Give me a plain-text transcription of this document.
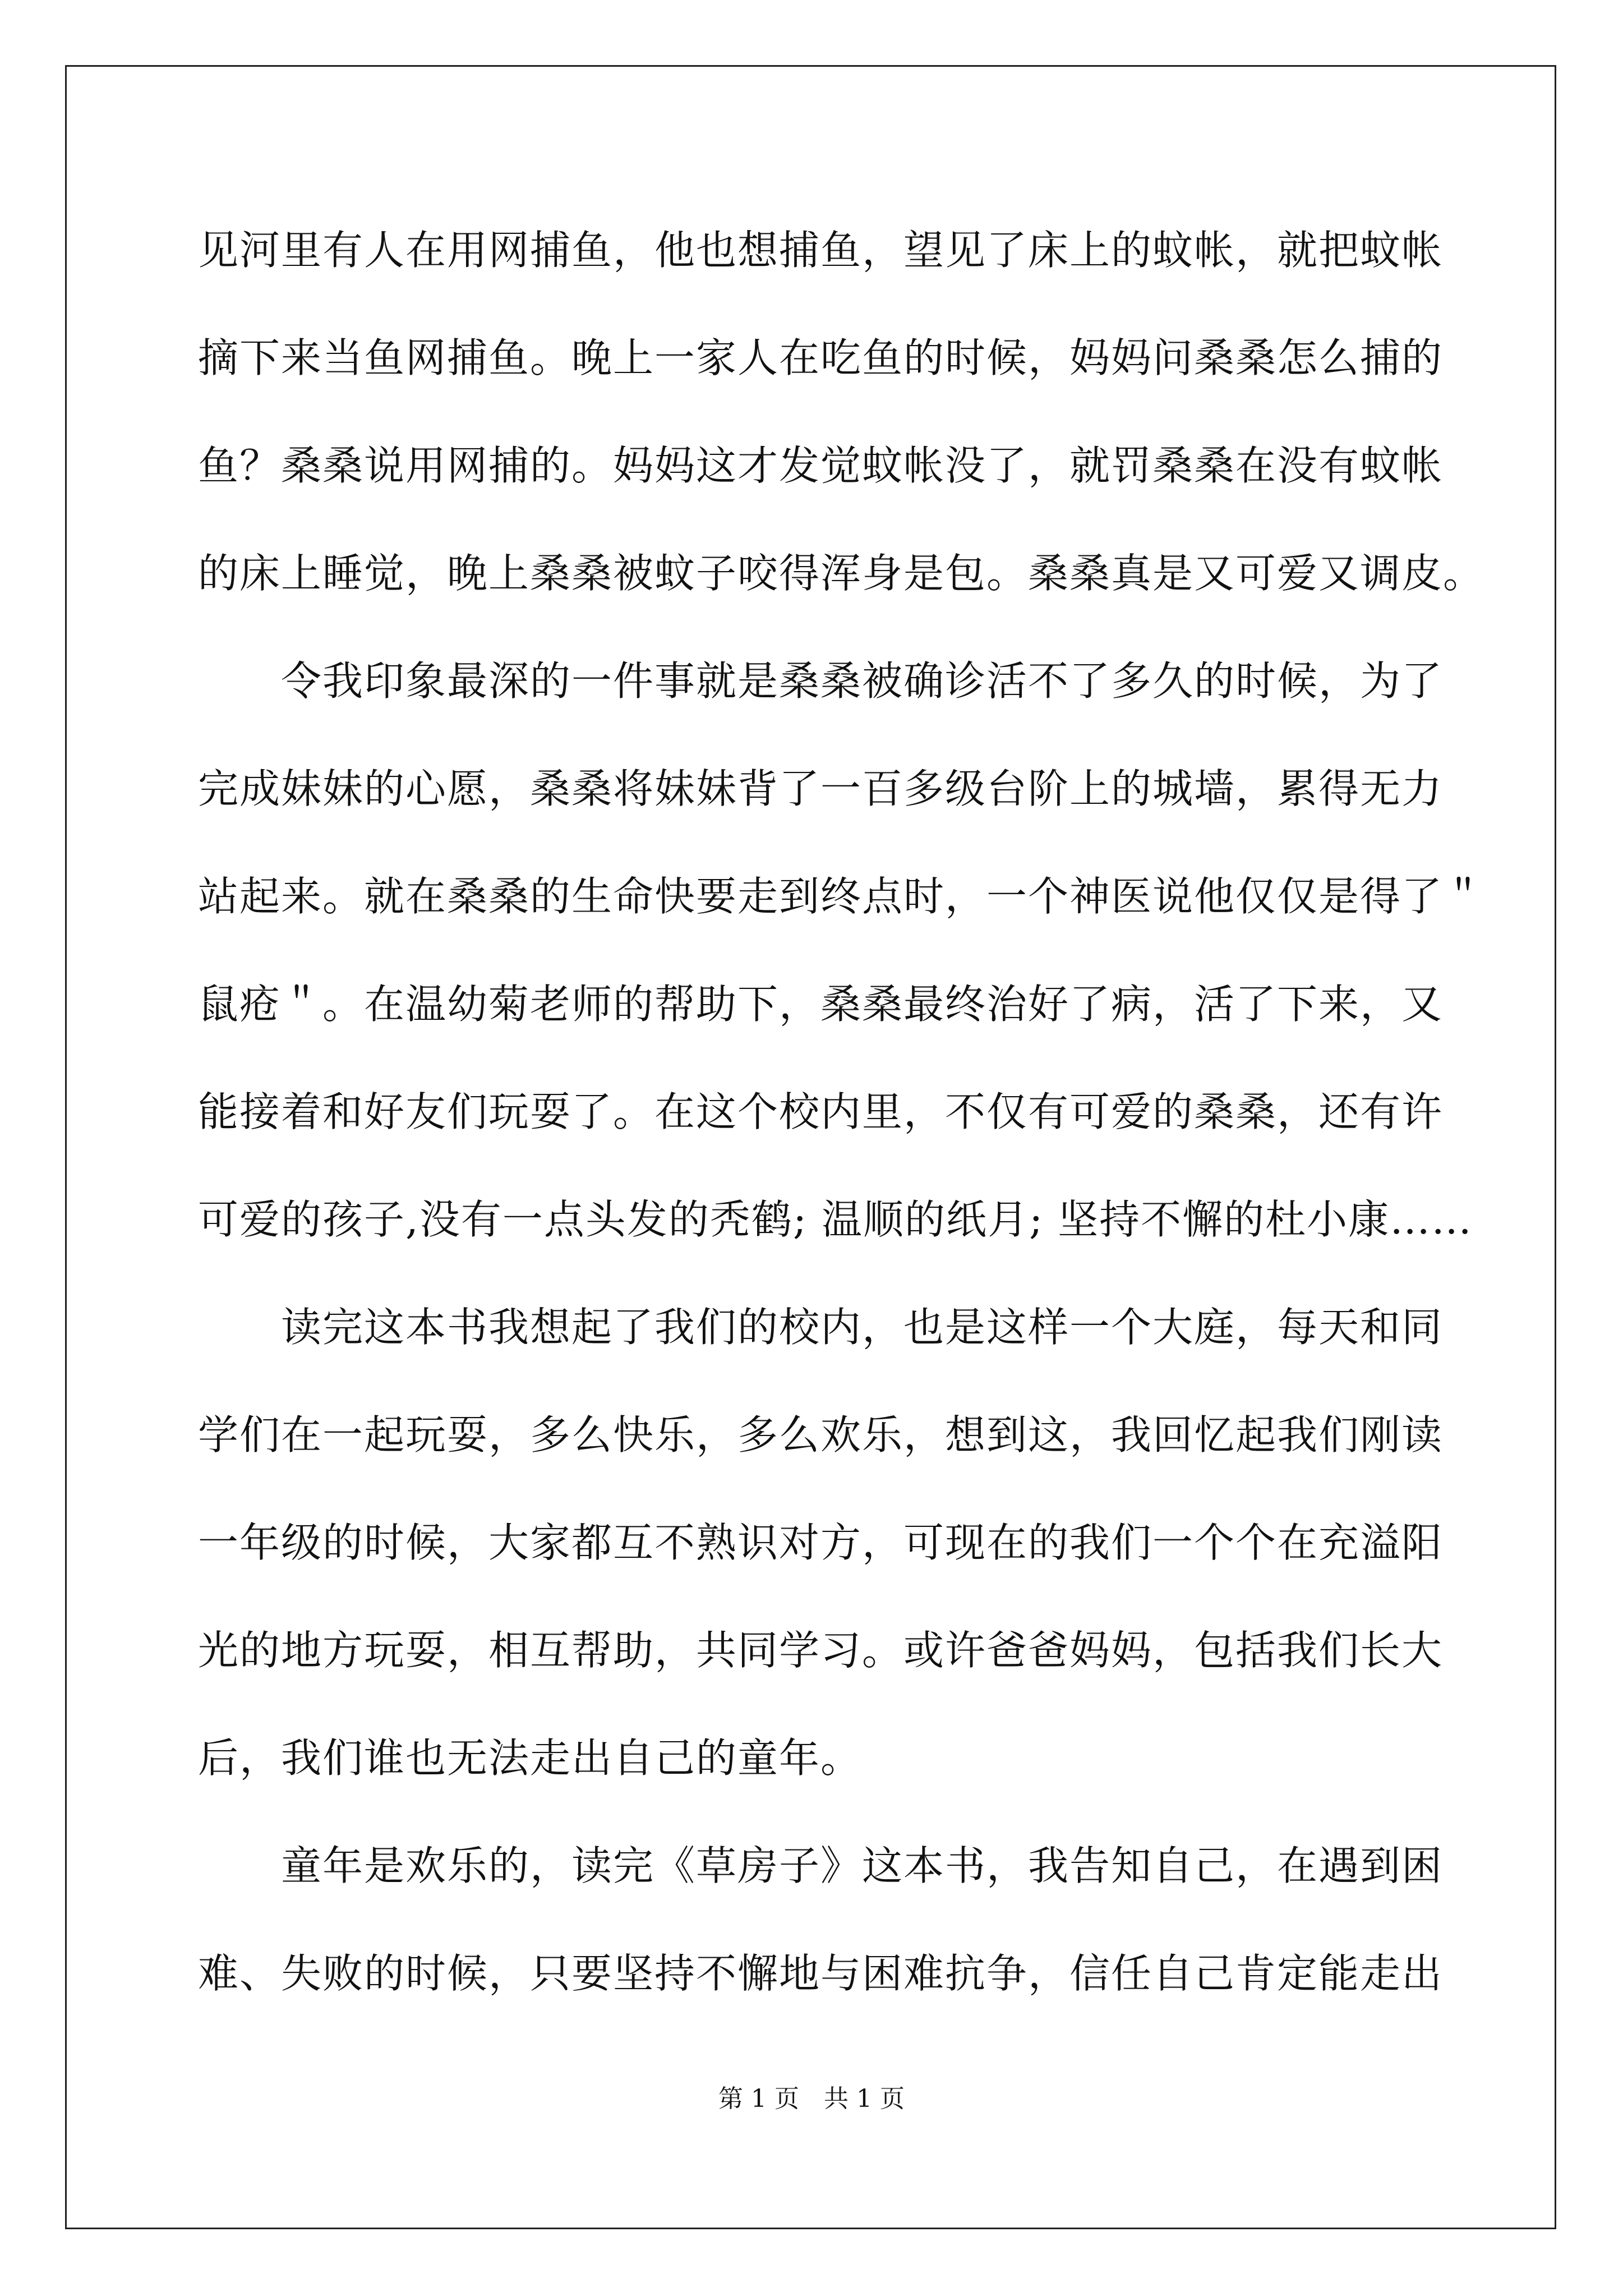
见河里有人在用网捕鱼，他也想捕鱼，望见了床上的蚊帐，就把蚊帐
摘下来当鱼网捕鱼。晚上一家人在吃鱼的时候，妈妈问桑桑怎么捕的
鱼？桑桑说用网捕的。妈妈这才发觉蚊帐没了，就罚桑桑在没有蚊帐
的床上睡觉，晚上桑桑被蚊子咬得浑身是包。桑桑真是又可爱又调皮。
　　令我印象最深的一件事就是桑桑被确诊活不了多久的时候，为了
完成妹妹的心愿，桑桑将妹妹背了一百多级台阶上的城墙，累得无力
站起来。就在桑桑的生命快要走到终点时，一个神医说他仅仅是得了＂
鼠疮＂。在温幼菊老师的帮助下，桑桑最终治好了病，活了下来，又
能接着和好友们玩耍了。在这个校内里，不仅有可爱的桑桑，还有许
可爱的孩子,没有一点头发的秃鹤; 温顺的纸月; 坚持不懈的杜小康……
　　读完这本书我想起了我们的校内，也是这样一个大庭，每天和同
学们在一起玩耍，多么快乐，多么欢乐，想到这，我回忆起我们刚读
一年级的时候，大家都互不熟识对方，可现在的我们一个个在充溢阳
光的地方玩耍，相互帮助，共同学习。或许爸爸妈妈，包括我们长大
后，我们谁也无法走出自己的童年。
　　童年是欢乐的，读完《草房子》这本书，我告知自己，在遇到困
难、失败的时候，只要坚持不懈地与困难抗争，信任自己肯定能走出
第 1 页　共 1 页
